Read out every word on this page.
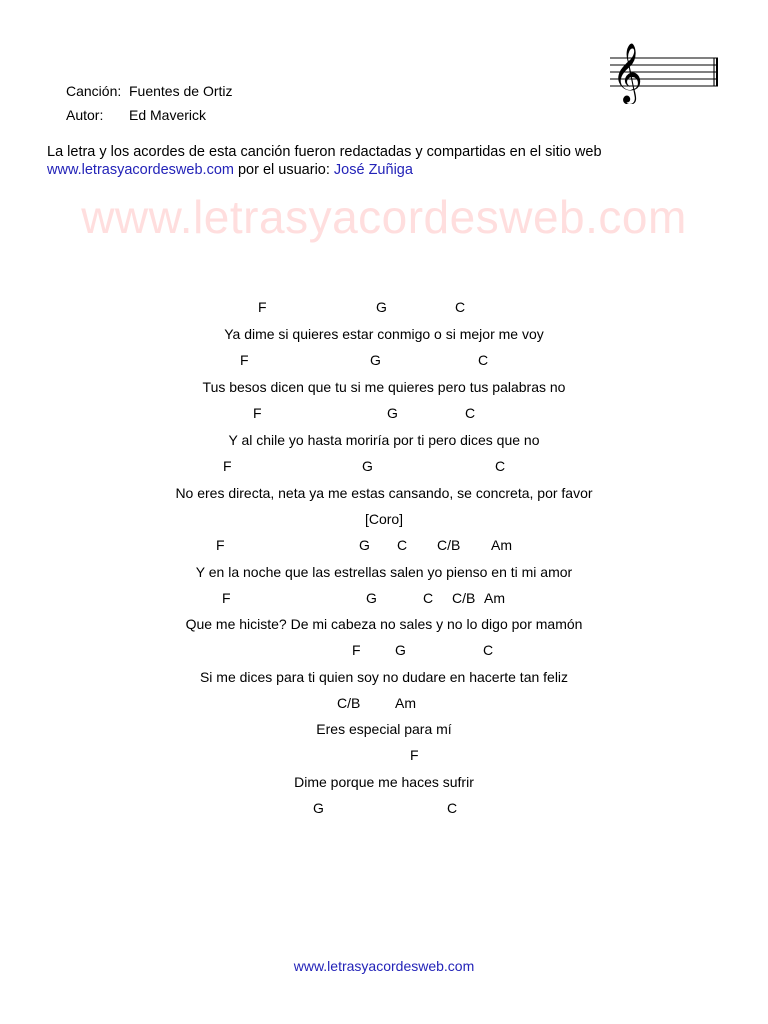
Canción: Fuentes de Ortiz
Autor: Ed Maverick
𝄞
La letra y los acordes de esta canción fueron redactadas y compartidas en el sitio web
www.letrasyacordesweb.com por el usuario: José Zuñiga
www.letrasyacordesweb.com
F	G	C
Ya dime si quieres estar conmigo o si mejor me voy
F	G	C
Tus besos dicen que tu si me quieres pero tus palabras no
F	G	C
Y al chile yo hasta moriría por ti pero dices que no
F	G	C
No eres directa, neta ya me estas cansando, se concreta, por favor
[Coro]
F	G C C/B Am
Y en la noche que las estrellas salen yo pienso en ti mi amor
F	G	C C/B Am
Que me hiciste? De mi cabeza no sales y no lo digo por mamón
F G	C
Si me dices para ti quien soy no dudare en hacerte tan feliz
C/B Am
Eres especial para mí
F
Dime porque me haces sufrir
G	C
www.letrasyacordesweb.com
